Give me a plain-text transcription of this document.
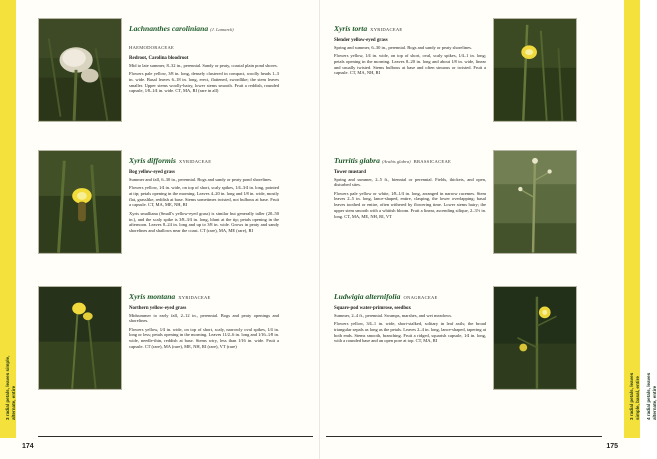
3 radial petals, leaves simple, alternate, entire
Lachnanthes caroliniana (J. Lamarck)
HAEMODORACEAE
Redroot, Carolina bloodroot
Mid to late summer, 8–32 in., perennial. Sandy or peaty, coastal plain pond shores.
Flowers pale yellow, 3⁄8 in. long, densely clustered in compact, woolly heads 1–3 in. wide. Basal leaves 6–18 in. long, erect, flattened, swordlike; the stem leaves smaller. Upper stems woolly-hairy, lower stems smooth. Fruit a reddish, rounded capsule, 1⁄8–1⁄4 in. wide. CT, MA, RI (rare in all)
Xyris difformis XYRIDACEAE
Bog yellow-eyed grass
Summer and fall, 6–30 in., perennial. Bogs and sandy or peaty pond shorelines.
Flowers yellow, 1⁄4 in. wide, on top of short, scaly spikes, 1⁄4–3⁄4 in. long, pointed at tip; petals opening in the morning. Leaves 4–20 in. long and 1⁄8 in. wide, mostly flat, grasslike, reddish at base. Stems sometimes twisted, not bulbous at base. Fruit a capsule. CT, MA, ME, NH, RI
Xyris smalliana (Small's yellow-eyed grass) is similar but generally taller (20–50 in.), and the scaly spike is 3⁄8–3⁄4 in. long, blunt at the tip; petals opening in the afternoon. Leaves 8–24 in. long and up to 3⁄8 in. wide. Grows in peaty and sandy shorelines and shallows near the coast. CT (rare), MA, ME (rare), RI
Xyris montana XYRIDACEAE
Northern yellow-eyed grass
Midsummer to early fall, 2–12 in., perennial. Bogs and peaty openings and shorelines.
Flowers yellow, 1⁄4 in. wide, on top of short, scaly, narrowly oval spikes, 1⁄4 in. long or less; petals opening in the morning. Leaves 11⁄2–6 in. long and 1⁄16–1⁄8 in. wide, needle-thin, reddish at base. Stems wiry, less than 1⁄16 in. wide. Fruit a capsule. CT (rare), MA (rare), ME, NH, RI (rare), VT (rare)
174
3 radial petals, leaves simple, basal, entire 4 radial petals, leaves alternate, entire
Xyris torta XYRIDACEAE
Slender yellow-eyed grass
Spring and summer, 6–30 in., perennial. Bogs and sandy or peaty shorelines.
Flowers yellow, 1⁄4 in. wide, on top of short, oval, scaly spikes, 1⁄4–1 in. long; petals opening in the morning. Leaves 8–20 in. long and about 1⁄8 in. wide, linear and usually twisted. Stems bulbous at base and often sinuous or twisted. Fruit a capsule. CT, MA, NH, RI
Turritis glabra (Arabis glabra) BRASSICACEAE
Tower mustard
Spring and summer, 2–5 ft., biennial or perennial. Fields, thickets, and open, disturbed sites.
Flowers pale yellow or white, 1⁄8–1⁄4 in. long, arranged in narrow racemes. Stem leaves 2–5 in. long, lance-shaped, entire, clasping, the lower overlapping; basal leaves toothed or entire, often withered by flowering time. Lower stems hairy; the upper stem smooth with a whitish bloom. Fruit a linear, ascending silique, 2–3½ in. long. CT, MA, ME, NH, RI, VT
Ludwigia alternifolia ONAGRACEAE
Square-pod water-primrose, seedbox
Summer, 2–4 ft., perennial. Swamps, marshes, and wet meadows.
Flowers yellow, 3⁄4–1 in. wide, short-stalked, solitary in leaf axils; the broad triangular sepals as long as the petals. Leaves 2–4 in. long, lance-shaped, tapering at both ends. Stems smooth, branching. Fruit a ridged, squarish capsule, 1⁄4 in. long, with a rounded base and an open pore at top. CT, MA, RI
175
